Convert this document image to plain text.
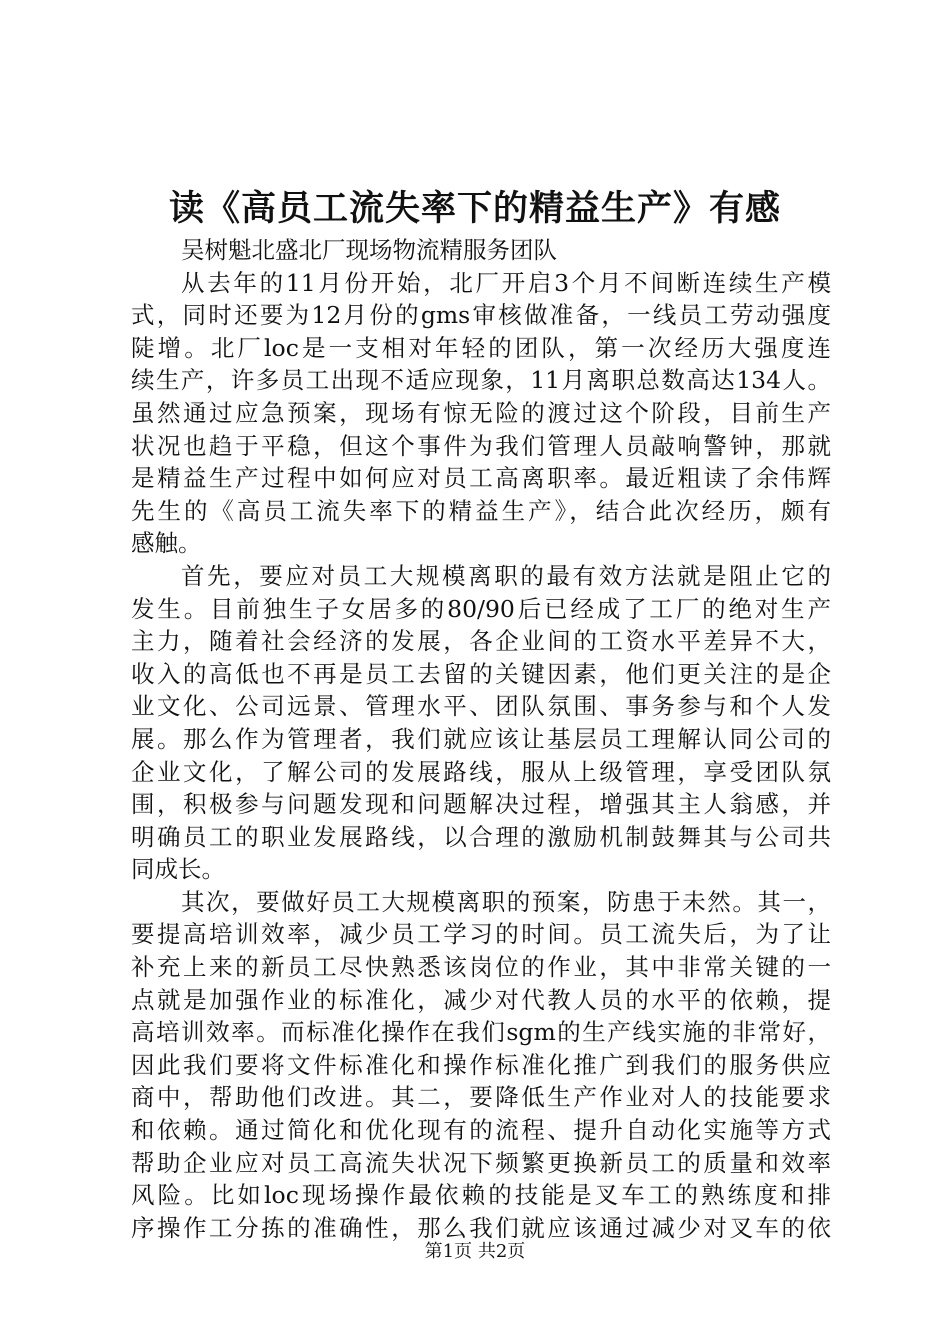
读《高员工流失率下的精益生产》有感
吴树魁北盛北厂现场物流精服务团队
从去年的11月份开始，北厂开启3个月不间断连续生产模
式，同时还要为12月份的gms审核做准备，一线员工劳动强度
陡增。北厂loc是一支相对年轻的团队，第一次经历大强度连
续生产，许多员工出现不适应现象，11月离职总数高达134人。
虽然通过应急预案，现场有惊无险的渡过这个阶段，目前生产
状况也趋于平稳，但这个事件为我们管理人员敲响警钟，那就
是精益生产过程中如何应对员工高离职率。最近粗读了余伟辉
先生的《高员工流失率下的精益生产》，结合此次经历，颇有
感触。
首先，要应对员工大规模离职的最有效方法就是阻止它的
发生。目前独生子女居多的80/90后已经成了工厂的绝对生产
主力，随着社会经济的发展，各企业间的工资水平差异不大，
收入的高低也不再是员工去留的关键因素，他们更关注的是企
业文化、公司远景、管理水平、团队氛围、事务参与和个人发
展。那么作为管理者，我们就应该让基层员工理解认同公司的
企业文化，了解公司的发展路线，服从上级管理，享受团队氛
围，积极参与问题发现和问题解决过程，增强其主人翁感，并
明确员工的职业发展路线，以合理的激励机制鼓舞其与公司共
同成长。
其次，要做好员工大规模离职的预案，防患于未然。其一，
要提高培训效率，减少员工学习的时间。员工流失后，为了让
补充上来的新员工尽快熟悉该岗位的作业，其中非常关键的一
点就是加强作业的标准化，减少对代教人员的水平的依赖，提
高培训效率。而标准化操作在我们sgm的生产线实施的非常好，
因此我们要将文件标准化和操作标准化推广到我们的服务供应
商中，帮助他们改进。其二，要降低生产作业对人的技能要求
和依赖。通过简化和优化现有的流程、提升自动化实施等方式
帮助企业应对员工高流失状况下频繁更换新员工的质量和效率
风险。比如loc现场操作最依赖的技能是叉车工的熟练度和排
序操作工分拣的准确性，那么我们就应该通过减少对叉车的依
第1页 共2页
